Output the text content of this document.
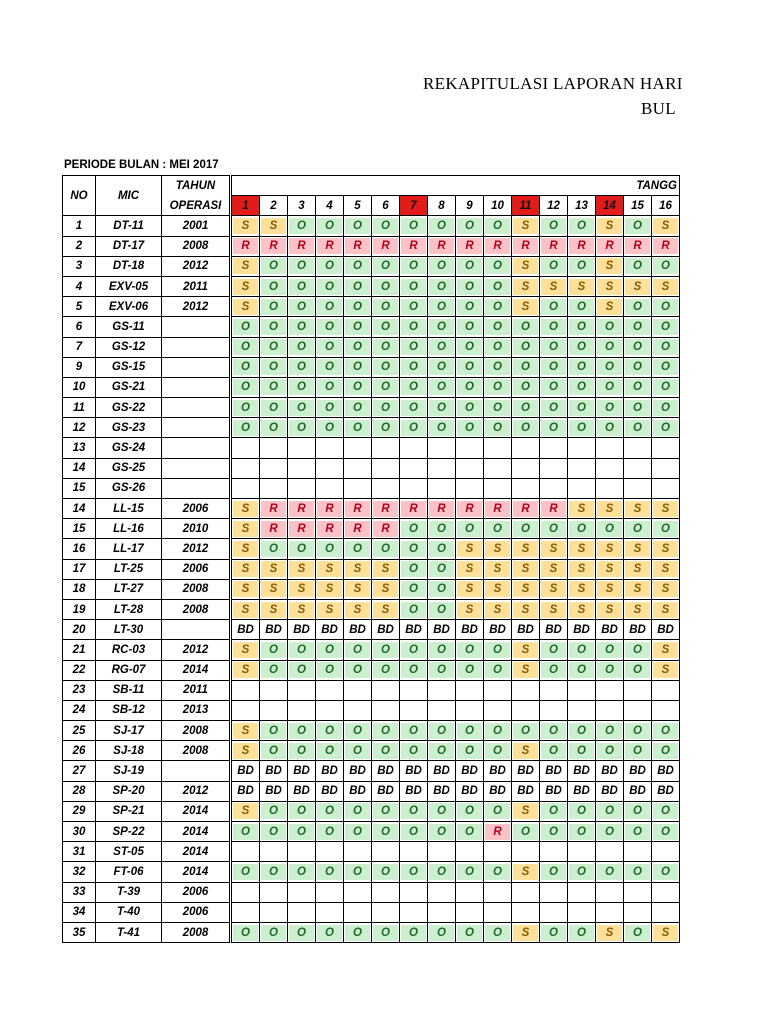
REKAPITULASI LAPORAN HARI
BUL
PERIODE BULAN : MEI 2017
NO	MIC	TAHUN		TANGG															
		OPERASI		1	2	3	4	5	6	7	8	9	10	11	12	13	14	15	16
1	DT-11	2001		S	S	O	O	O	O	O	O	O	O	S	O	O	S	O	S

2	DT-17	2008		R	R	R	R	R	R	R	R	R	R	R	R	R	R	R	R

3	DT-18	2012		S	O	O	O	O	O	O	O	O	O	S	O	O	S	O	O

4	EXV-05	2011		S	O	O	O	O	O	O	O	O	O	S	S	S	S	S	S

5	EXV-06	2012		S	O	O	O	O	O	O	O	O	O	S	O	O	S	O	O

6	GS-11			O	O	O	O	O	O	O	O	O	O	O	O	O	O	O	O

7	GS-12			O	O	O	O	O	O	O	O	O	O	O	O	O	O	O	O

9	GS-15			O	O	O	O	O	O	O	O	O	O	O	O	O	O	O	O

10	GS-21			O	O	O	O	O	O	O	O	O	O	O	O	O	O	O	O

11	GS-22			O	O	O	O	O	O	O	O	O	O	O	O	O	O	O	O

12	GS-23			O	O	O	O	O	O	O	O	O	O	O	O	O	O	O	O

13	GS-24																		
14	GS-25																		
15	GS-26																		
14	LL-15	2006		S	R	R	R	R	R	R	R	R	R	R	R	S	S	S	S

15	LL-16	2010		S	R	R	R	R	R	O	O	O	O	O	O	O	O	O	O

16	LL-17	2012		S	O	O	O	O	O	O	O	S	S	S	S	S	S	S	S

17	LT-25	2006		S	S	S	S	S	S	O	O	S	S	S	S	S	S	S	S

18	LT-27	2008		S	S	S	S	S	S	O	O	S	S	S	S	S	S	S	S

19	LT-28	2008		S	S	S	S	S	S	O	O	S	S	S	S	S	S	S	S

20	LT-30			BD	BD	BD	BD	BD	BD	BD	BD	BD	BD	BD	BD	BD	BD	BD	BD

21	RC-03	2012		S	O	O	O	O	O	O	O	O	O	S	O	O	O	O	S

22	RG-07	2014		S	O	O	O	O	O	O	O	O	O	S	O	O	O	O	S

23	SB-11	2011																	
24	SB-12	2013																	
25	SJ-17	2008		S	O	O	O	O	O	O	O	O	O	O	O	O	O	O	O

26	SJ-18	2008		S	O	O	O	O	O	O	O	O	O	S	O	O	O	O	O

27	SJ-19			BD	BD	BD	BD	BD	BD	BD	BD	BD	BD	BD	BD	BD	BD	BD	BD

28	SP-20	2012		BD	BD	BD	BD	BD	BD	BD	BD	BD	BD	BD	BD	BD	BD	BD	BD

29	SP-21	2014		S	O	O	O	O	O	O	O	O	O	S	O	O	O	O	O

30	SP-22	2014		O	O	O	O	O	O	O	O	O	R	O	O	O	O	O	O

31	ST-05	2014																	
32	FT-06	2014		O	O	O	O	O	O	O	O	O	O	S	O	O	O	O	O

33	T-39	2006																	
34	T-40	2006																	
35	T-41	2008		O	O	O	O	O	O	O	O	O	O	S	O	O	S	O	S
